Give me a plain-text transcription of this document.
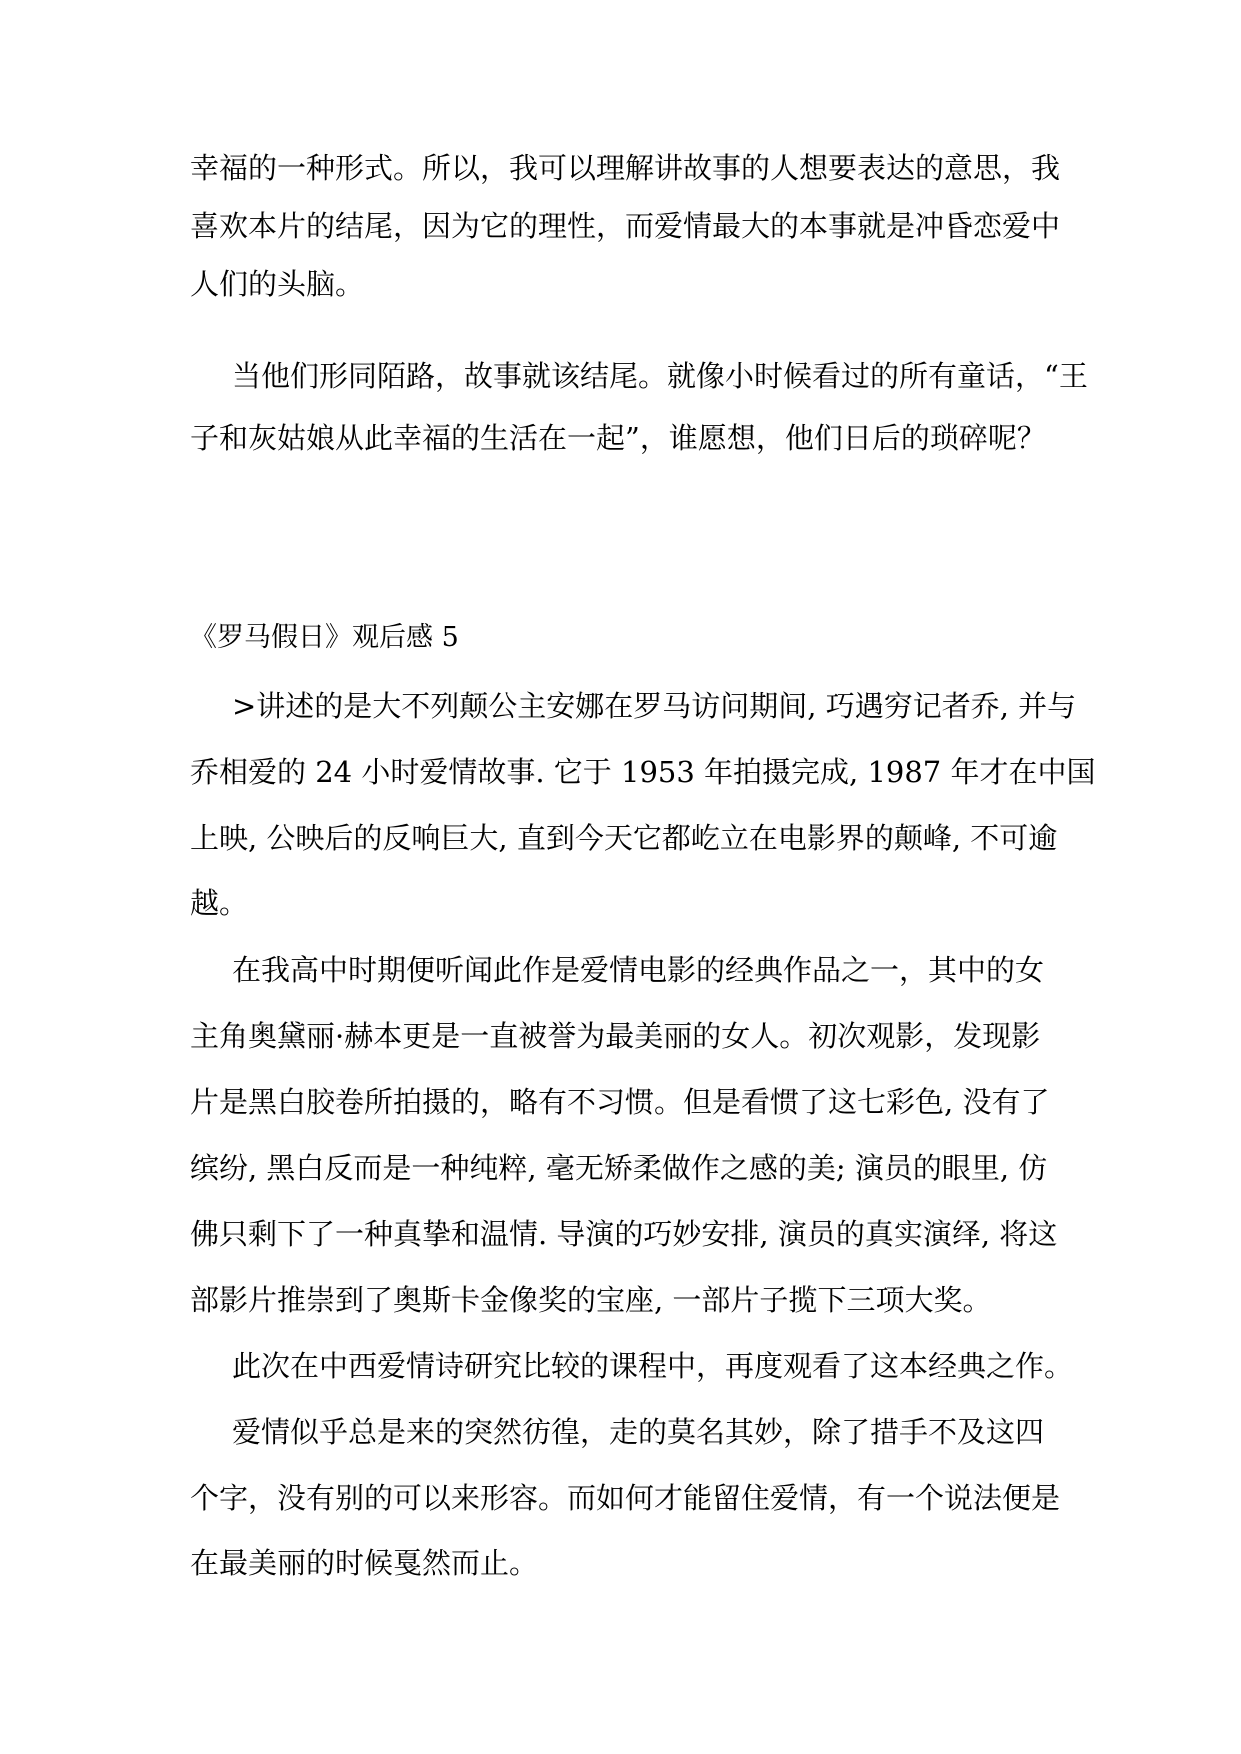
幸福的一种形式。所以，我可以理解讲故事的人想要表达的意思，我

喜欢本片的结尾，因为它的理性，而爱情最大的本事就是冲昏恋爱中

人们的头脑。

当他们形同陌路，故事就该结尾。就像小时候看过的所有童话，“王

子和灰姑娘从此幸福的生活在一起”，谁愿想，他们日后的琐碎呢？

《罗马假日》观后感 5

>讲述的是大不列颠公主安娜在罗马访问期间, 巧遇穷记者乔, 并与

乔相爱的 24 小时爱情故事. 它于 1953 年拍摄完成, 1987 年才在中国

上映, 公映后的反响巨大, 直到今天它都屹立在电影界的颠峰, 不可逾

越。

在我高中时期便听闻此作是爱情电影的经典作品之一，其中的女

主角奥黛丽·赫本更是一直被誉为最美丽的女人。初次观影，发现影

片是黑白胶卷所拍摄的，略有不习惯。但是看惯了这七彩色, 没有了

缤纷, 黑白反而是一种纯粹, 毫无矫柔做作之感的美; 演员的眼里, 仿

佛只剩下了一种真挚和温情. 导演的巧妙安排, 演员的真实演绎, 将这

部影片推崇到了奥斯卡金像奖的宝座, 一部片子揽下三项大奖。

此次在中西爱情诗研究比较的课程中，再度观看了这本经典之作。

爱情似乎总是来的突然彷徨，走的莫名其妙，除了措手不及这四

个字，没有别的可以来形容。而如何才能留住爱情，有一个说法便是

在最美丽的时候戛然而止。
